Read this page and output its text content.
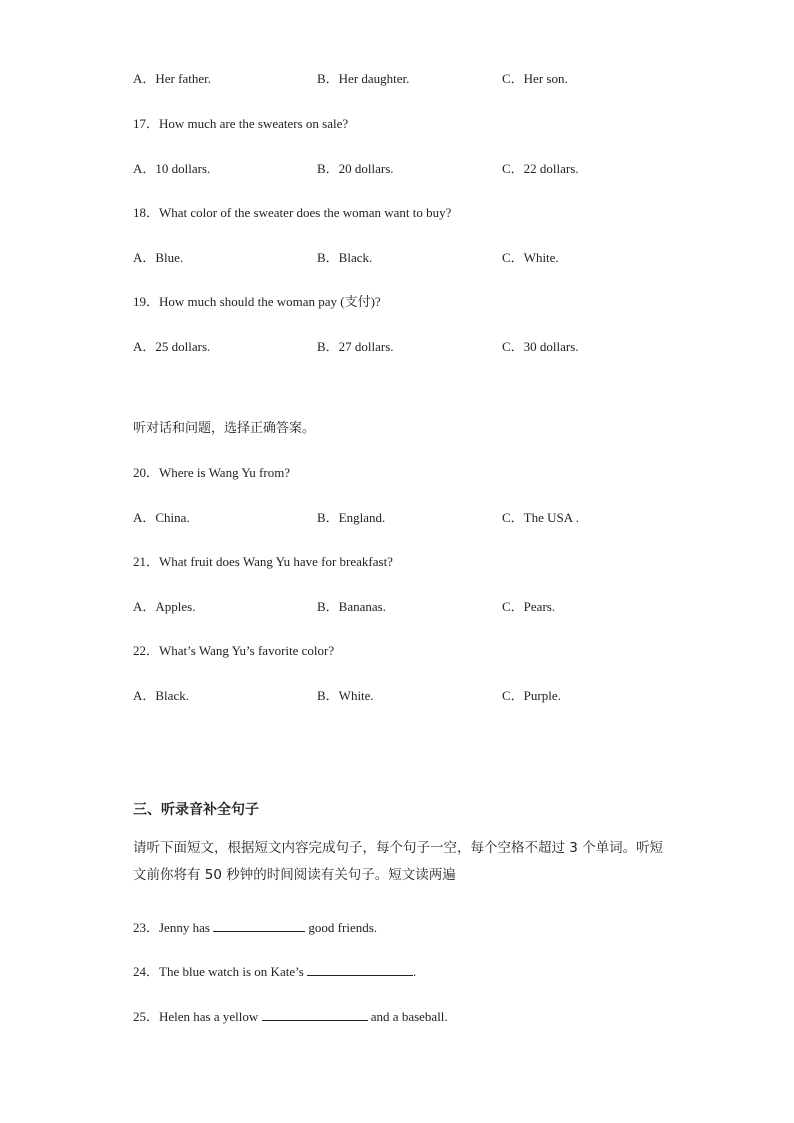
A．Her father.	B．Her daughter.	C．Her son.
17．How much are the sweaters on sale?
A．10 dollars.	B．20 dollars.	C．22 dollars.
18．What color of the sweater does the woman want to buy?
A．Blue.	B．Black.	C．White.
19．How much should the woman pay (支付)?
A．25 dollars.	B．27 dollars.	C．30 dollars.
听对话和问题，选择正确答案。
20．Where is Wang Yu from?
A．China.	B．England.	C．The USA .
21．What fruit does Wang Yu have for breakfast?
A．Apples.	B．Bananas.	C．Pears.
22．What’s Wang Yu’s favorite color?
A．Black.	B．White.	C．Purple.
三、听录音补全句子
请听下面短文，根据短文内容完成句子，每个句子一空，每个空格不超过 3 个单词。听短文前你将有 50 秒钟的时间阅读有关句子。短文读两遍
23．Jenny has	good friends.
24．The blue watch is on Kate’s	.
25．Helen has a yellow	and a baseball.
